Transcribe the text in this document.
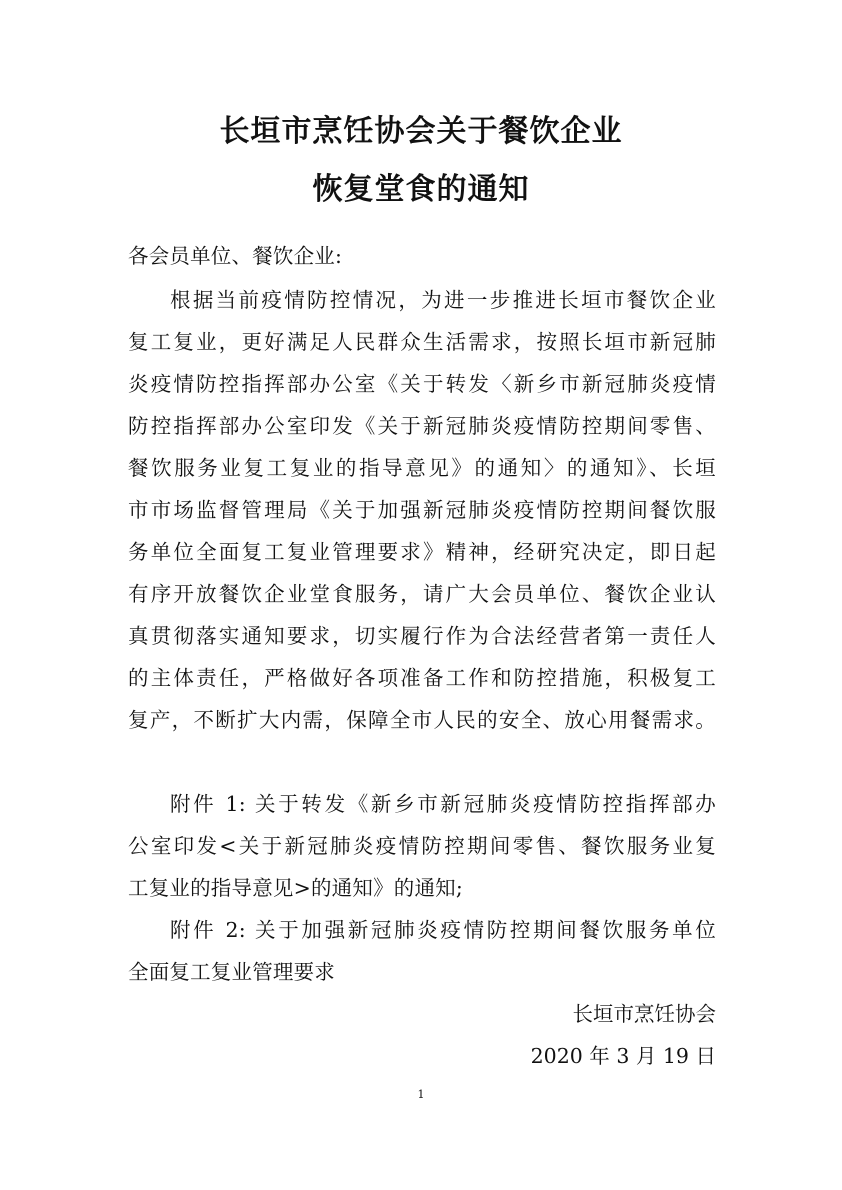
长垣市烹饪协会关于餐饮企业
恢复堂食的通知
各会员单位、餐饮企业:
根据当前疫情防控情况，为进一步推进长垣市餐饮企业
复工复业，更好满足人民群众生活需求，按照长垣市新冠肺
炎疫情防控指挥部办公室《关于转发〈新乡市新冠肺炎疫情
防控指挥部办公室印发《关于新冠肺炎疫情防控期间零售、
餐饮服务业复工复业的指导意见》的通知〉的通知》、长垣
市市场监督管理局《关于加强新冠肺炎疫情防控期间餐饮服
务单位全面复工复业管理要求》精神，经研究决定，即日起
有序开放餐饮企业堂食服务，请广大会员单位、餐饮企业认
真贯彻落实通知要求，切实履行作为合法经营者第一责任人
的主体责任，严格做好各项准备工作和防控措施，积极复工
复产，不断扩大内需，保障全市人民的安全、放心用餐需求。
附件 1: 关于转发《新乡市新冠肺炎疫情防控指挥部办
公室印发<关于新冠肺炎疫情防控期间零售、餐饮服务业复
工复业的指导意见>的通知》的通知;
附件 2: 关于加强新冠肺炎疫情防控期间餐饮服务单位
全面复工复业管理要求
长垣市烹饪协会
2020 年 3 月 19 日
1
